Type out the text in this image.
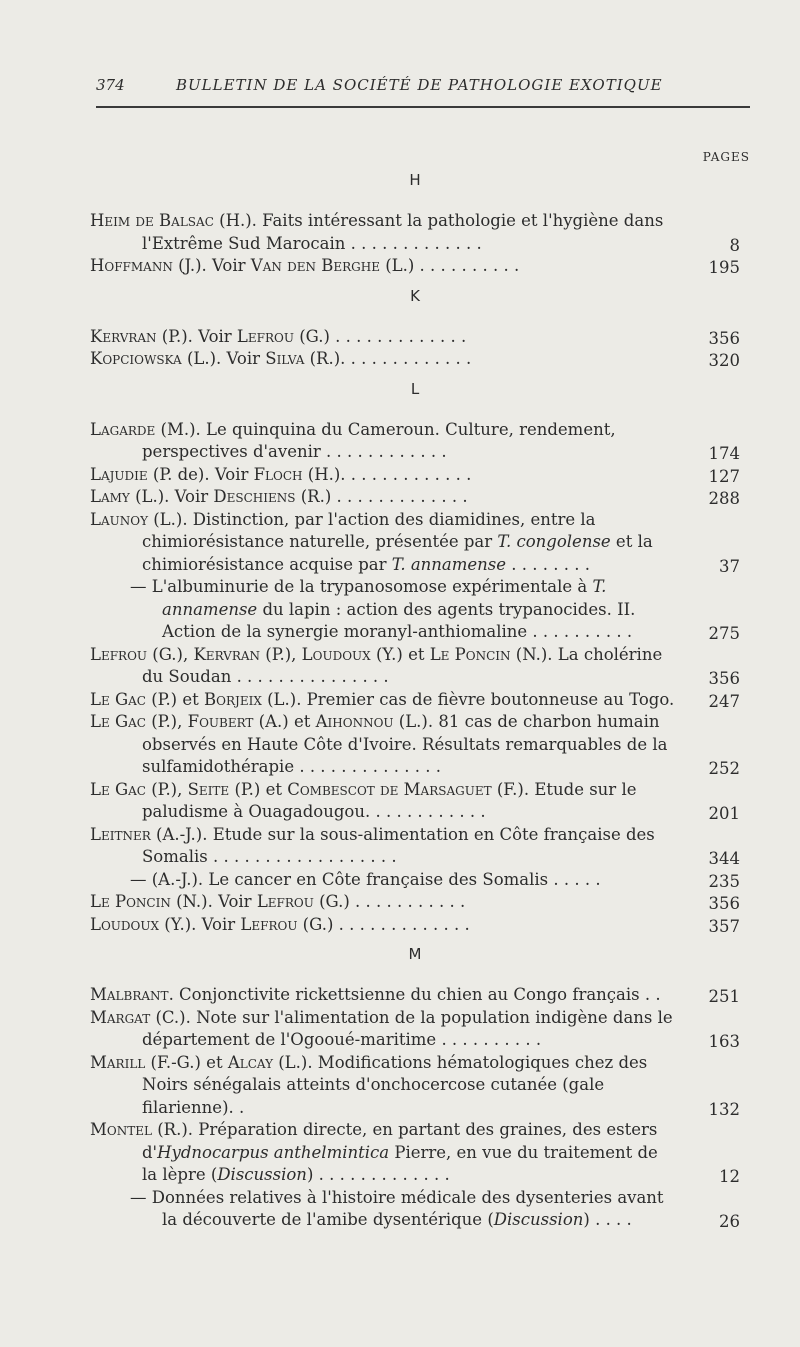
374	BULLETIN DE LA SOCIÉTÉ DE PATHOLOGIE EXOTIQUE
PAGES
H
Heim de Balsac (H.). Faits intéressant la pathologie et l'hygiène dans l'Extrême Sud Marocain . . . . . . . . . . . . .	8
Hoffmann (J.). Voir Van den Berghe (L.) . . . . . . . . . .	195
K
Kervran (P.). Voir Lefrou (G.) . . . . . . . . . . . . .	356
Kopciowska (L.). Voir Silva (R.). . . . . . . . . . . . .	320
L
Lagarde (M.). Le quinquina du Cameroun. Culture, rendement, perspectives d'avenir . . . . . . . . . . . .	174
Lajudie (P. de). Voir Floch (H.). . . . . . . . . . . . .	127
Lamy (L.). Voir Deschiens (R.) . . . . . . . . . . . . .	288
Launoy (L.). Distinction, par l'action des diamidines, entre la chimiorésistance naturelle, présentée par T. congolense et la chimiorésistance acquise par T. annamense . . . . . . . .	37
— L'albuminurie de la trypanosomose expérimentale à T. annamense du lapin : action des agents trypanocides. II. Action de la synergie moranyl-anthiomaline . . . . . . . . . .	275
Lefrou (G.), Kervran (P.), Loudoux (Y.) et Le Poncin (N.). La cholérine du Soudan . . . . . . . . . . . . . . .	356
Le Gac (P.) et Borjeix (L.). Premier cas de fièvre boutonneuse au Togo.	247
Le Gac (P.), Foubert (A.) et Aihonnou (L.). 81 cas de charbon humain observés en Haute Côte d'Ivoire. Résultats remarquables de la sulfamidothérapie . . . . . . . . . . . . . .	252
Le Gac (P.), Seite (P.) et Combescot de Marsaguet (F.). Etude sur le paludisme à Ouagadougou. . . . . . . . . . . .	201
Leitner (A.-J.). Etude sur la sous-alimentation en Côte française des Somalis . . . . . . . . . . . . . . . . . .	344
— (A.-J.). Le cancer en Côte française des Somalis . . . . .	235
Le Poncin (N.). Voir Lefrou (G.) . . . . . . . . . . .	356
Loudoux (Y.). Voir Lefrou (G.) . . . . . . . . . . . . .	357
M
Malbrant. Conjonctivite rickettsienne du chien au Congo français . .	251
Margat (C.). Note sur l'alimentation de la population indigène dans le département de l'Ogooué-maritime . . . . . . . . . .	163
Marill (F.-G.) et Alcay (L.). Modifications hématologiques chez des Noirs sénégalais atteints d'onchocercose cutanée (gale filarienne). .	132
Montel (R.). Préparation directe, en partant des graines, des esters d'Hydnocarpus anthelmintica Pierre, en vue du traitement de la lèpre (Discussion) . . . . . . . . . . . . .	12
— Données relatives à l'histoire médicale des dysenteries avant la découverte de l'amibe dysentérique (Discussion) . . . .	26
